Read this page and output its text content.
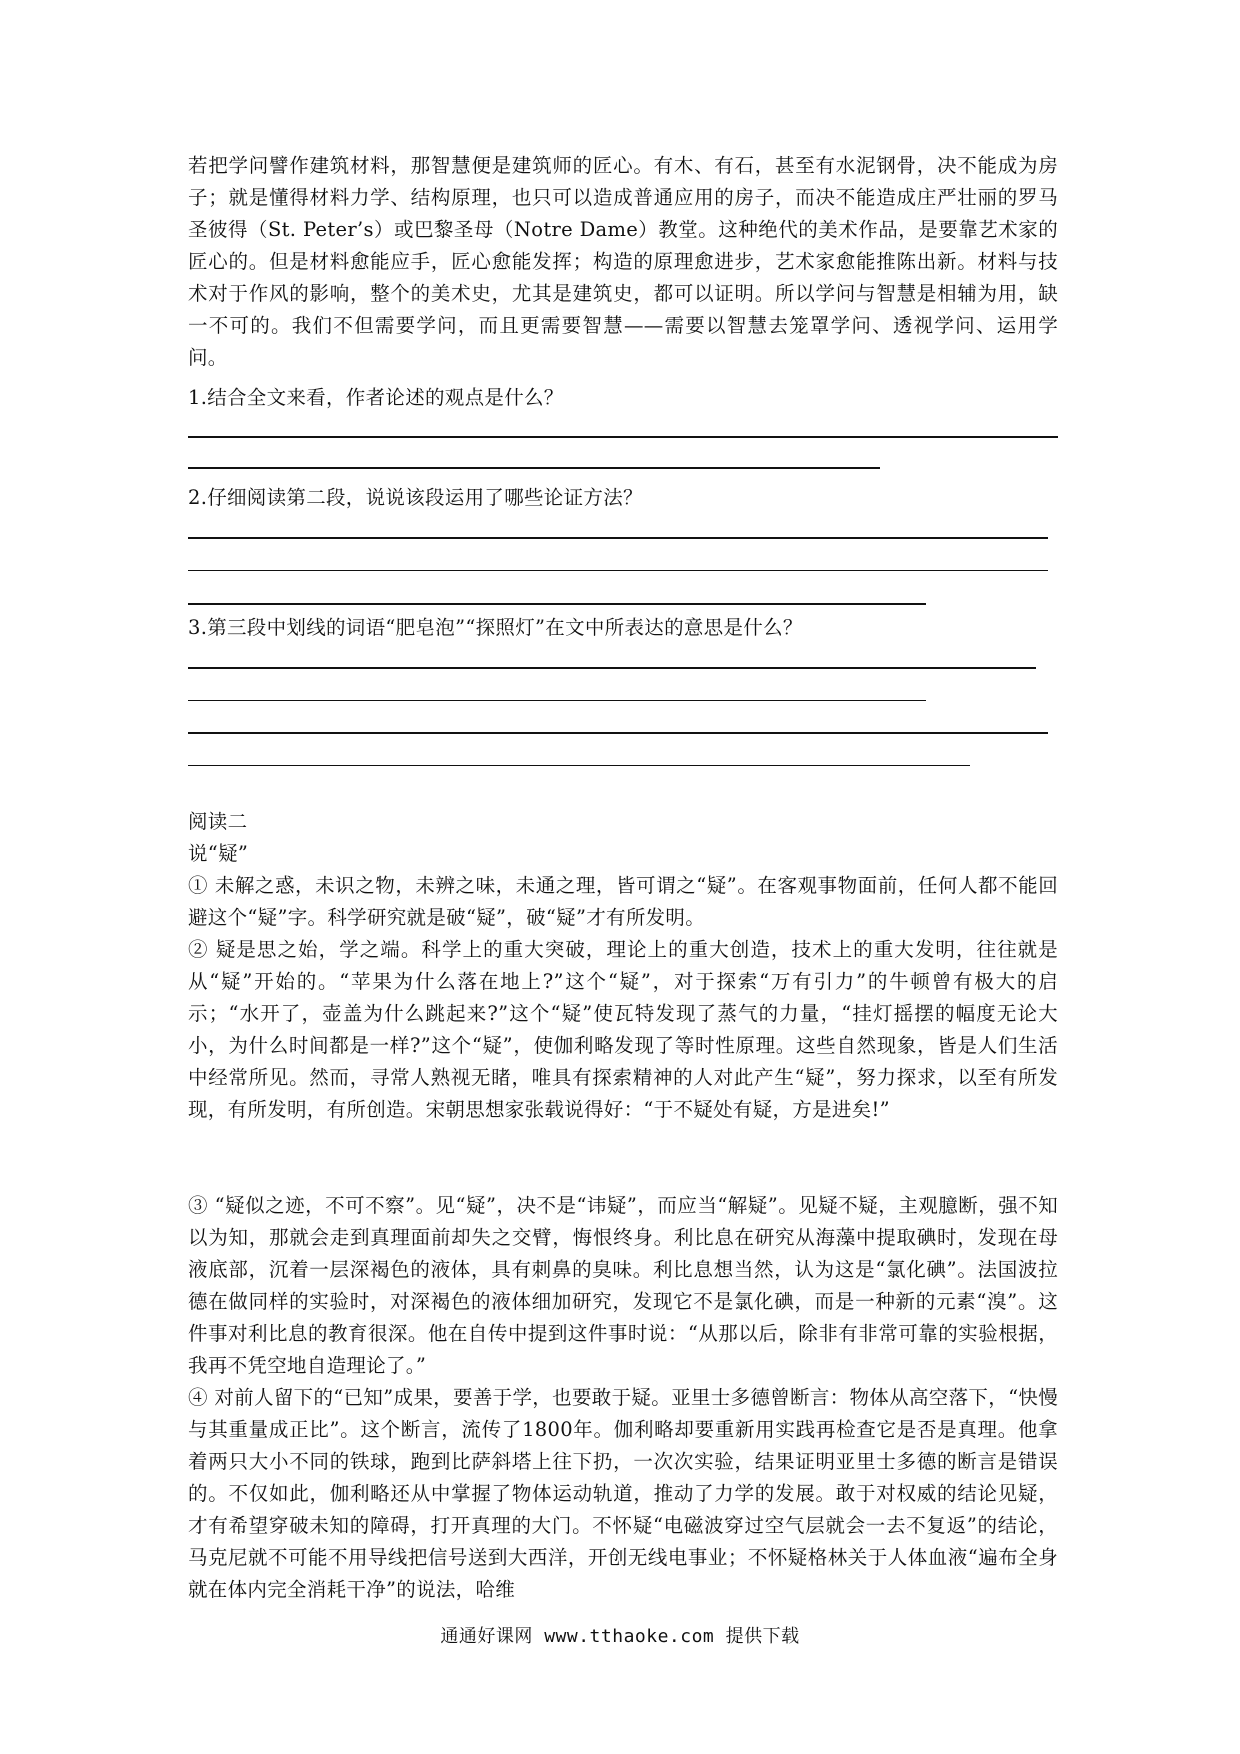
若把学问譬作建筑材料，那智慧便是建筑师的匠心。有木、有石，甚至有水泥钢骨，决不能成为房子；就是懂得材料力学、结构原理，也只可以造成普通应用的房子，而决不能造成庄严壮丽的罗马圣彼得（St. Peter’s）或巴黎圣母（Notre Dame）教堂。这种绝代的美术作品，是要靠艺术家的匠心的。但是材料愈能应手，匠心愈能发挥；构造的原理愈进步，艺术家愈能推陈出新。材料与技术对于作风的影响，整个的美术史，尤其是建筑史，都可以证明。所以学问与智慧是相辅为用，缺一不可的。我们不但需要学问，而且更需要智慧——需要以智慧去笼罩学问、透视学问、运用学问。

1.结合全文来看，作者论述的观点是什么？

2.仔细阅读第二段，说说该段运用了哪些论证方法？

3.第三段中划线的词语“肥皂泡”“探照灯”在文中所表达的意思是什么？

阅读二

说“疑”

① 未解之惑，未识之物，未辨之味，未通之理，皆可谓之“疑”。在客观事物面前，任何人都不能回避这个“疑”字。科学研究就是破“疑”，破“疑”才有所发明。

② 疑是思之始，学之端。科学上的重大突破，理论上的重大创造，技术上的重大发明，往往就是从“疑”开始的。“苹果为什么落在地上?”这个“疑”，对于探索“万有引力”的牛顿曾有极大的启示；“水开了，壶盖为什么跳起来?”这个“疑”使瓦特发现了蒸气的力量，“挂灯摇摆的幅度无论大小，为什么时间都是一样?”这个“疑”，使伽利略发现了等时性原理。这些自然现象，皆是人们生活中经常所见。然而，寻常人熟视无睹，唯具有探索精神的人对此产生“疑”，努力探求，以至有所发现，有所发明，有所创造。宋朝思想家张载说得好：“于不疑处有疑，方是进矣!”

③ “疑似之迹，不可不察”。见“疑”，决不是“讳疑”，而应当“解疑”。见疑不疑，主观臆断，强不知以为知，那就会走到真理面前却失之交臂，悔恨终身。利比息在研究从海藻中提取碘时，发现在母液底部，沉着一层深褐色的液体，具有刺鼻的臭味。利比息想当然，认为这是“氯化碘”。法国波拉德在做同样的实验时，对深褐色的液体细加研究，发现它不是氯化碘，而是一种新的元素“溴”。这件事对利比息的教育很深。他在自传中提到这件事时说：“从那以后，除非有非常可靠的实验根据，我再不凭空地自造理论了。”

④ 对前人留下的“已知”成果，要善于学，也要敢于疑。亚里士多德曾断言：物体从高空落下，“快慢与其重量成正比”。这个断言，流传了1800年。伽利略却要重新用实践再检查它是否是真理。他拿着两只大小不同的铁球，跑到比萨斜塔上往下扔，一次次实验，结果证明亚里士多德的断言是错误的。不仅如此，伽利略还从中掌握了物体运动轨道，推动了力学的发展。敢于对权威的结论见疑，才有希望穿破未知的障碍，打开真理的大门。不怀疑“电磁波穿过空气层就会一去不复返”的结论，马克尼就不可能不用导线把信号送到大西洋，开创无线电事业；不怀疑格林关于人体血液“遍布全身就在体内完全消耗干净”的说法，哈维

通通好课网 www.tthaoke.com 提供下载
